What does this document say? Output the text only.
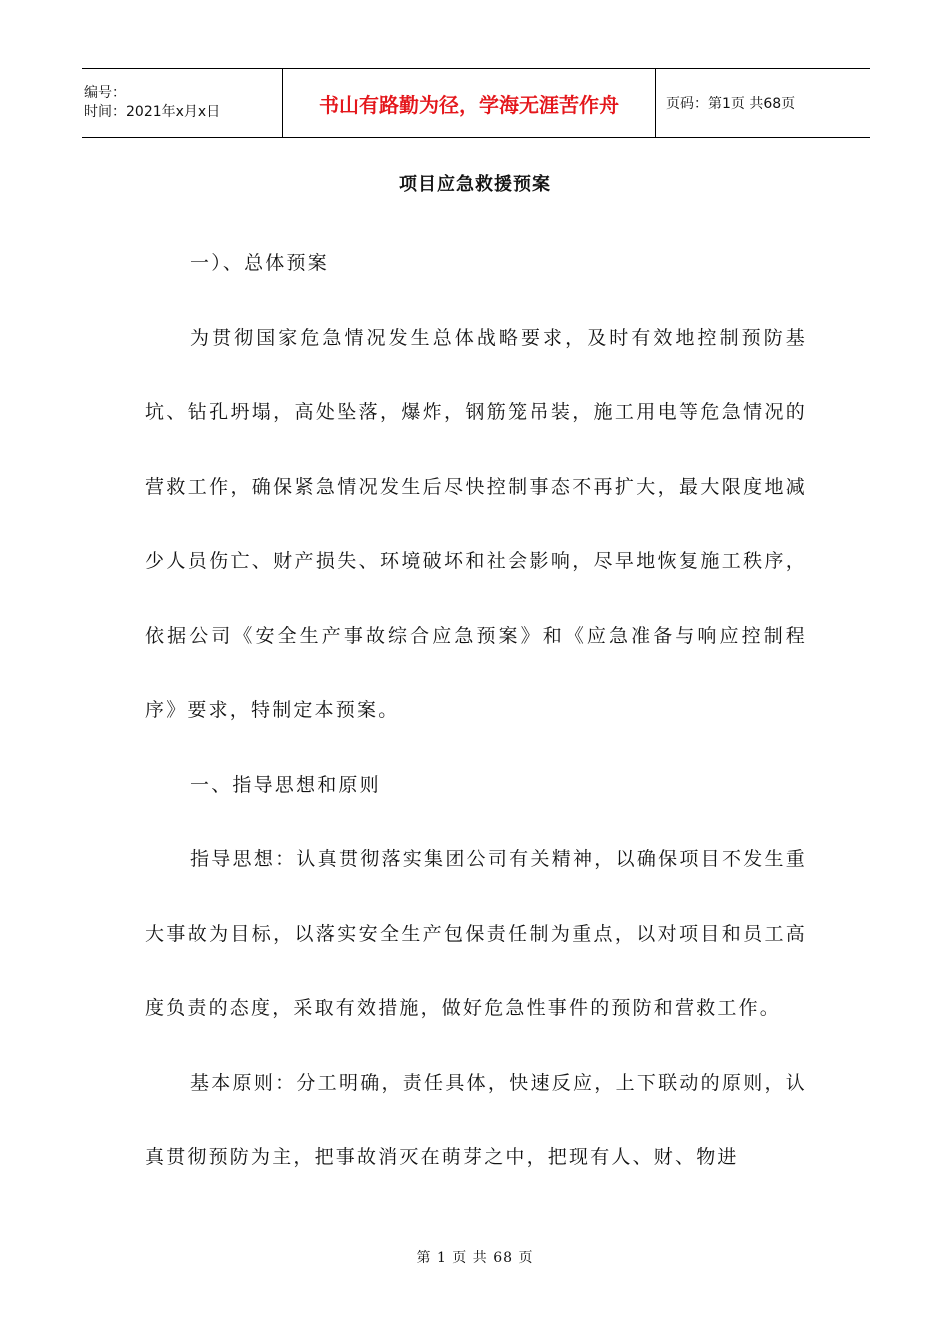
编号：
时间：2021年x月x日	书山有路勤为径，学海无涯苦作舟	页码：第1页 共68页
项目应急救援预案

一）、总体预案

为贯彻国家危急情况发生总体战略要求，及时有效地控制预防基坑、钻孔坍塌，高处坠落，爆炸，钢筋笼吊装，施工用电等危急情况的营救工作，确保紧急情况发生后尽快控制事态不再扩大，最大限度地减少人员伤亡、财产损失、环境破坏和社会影响，尽早地恢复施工秩序，依据公司《安全生产事故综合应急预案》和《应急准备与响应控制程序》要求，特制定本预案。

一、指导思想和原则

指导思想：认真贯彻落实集团公司有关精神，以确保项目不发生重大事故为目标，以落实安全生产包保责任制为重点，以对项目和员工高度负责的态度，采取有效措施，做好危急性事件的预防和营救工作。

基本原则：分工明确，责任具体，快速反应，上下联动的原则，认真贯彻预防为主，把事故消灭在萌芽之中，把现有人、财、物进

第 1 页 共 68 页
